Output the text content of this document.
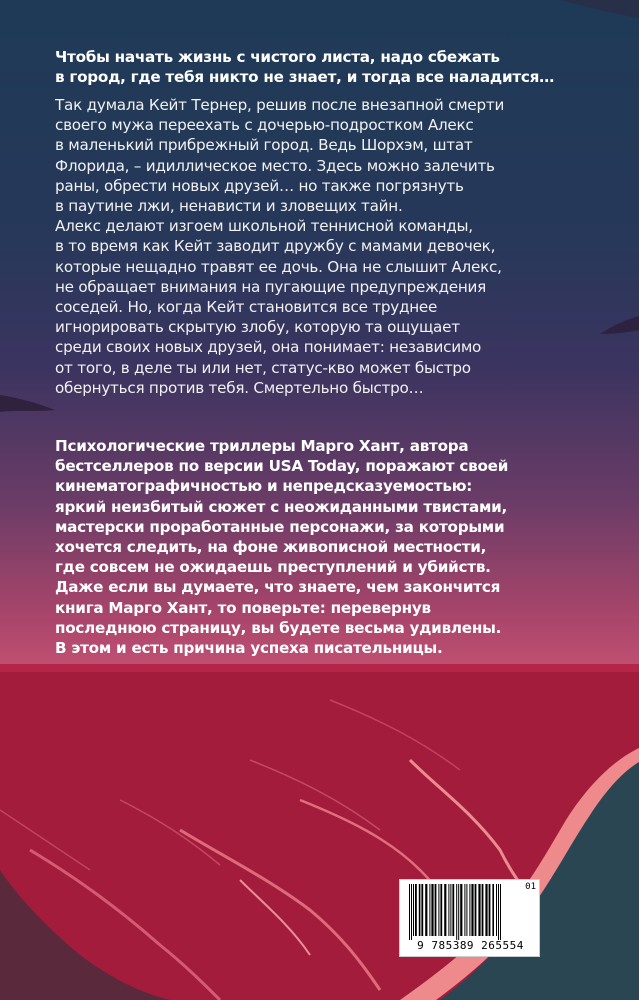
Чтобы начать жизнь с чистого листа, надо сбежать

в город, где тебя никто не знает, и тогда все наладится…

Так думала Кейт Тернер, решив после внезапной смерти

своего мужа переехать с дочерью-подростком Алекс

в маленький прибрежный город. Ведь Шорхэм, штат

Флорида, – идиллическое место. Здесь можно залечить

раны, обрести новых друзей… но также погрязнуть

в паутине лжи, ненависти и зловещих тайн.

Алекс делают изгоем школьной теннисной команды,

в то время как Кейт заводит дружбу с мамами девочек,

которые нещадно травят ее дочь. Она не слышит Алекс,

не обращает внимания на пугающие предупреждения

соседей. Но, когда Кейт становится все труднее

игнорировать скрытую злобу, которую та ощущает

среди своих новых друзей, она понимает: независимо

от того, в деле ты или нет, статус-кво может быстро

обернуться против тебя. Смертельно быстро…

Психологические триллеры Марго Хант, автора

бестселлеров по версии USA Today, поражают своей

кинематографичностью и непредсказуемостью:

яркий неизбитый сюжет с неожиданными твистами,

мастерски проработанные персонажи, за которыми

хочется следить, на фоне живописной местности,

где совсем не ожидаешь преступлений и убийств.

Даже если вы думаете, что знаете, чем закончится

книга Марго Хант, то поверьте: перевернув

последнюю страницу, вы будете весьма удивлены.

В этом и есть причина успеха писательницы.

01
9 785389 265554
